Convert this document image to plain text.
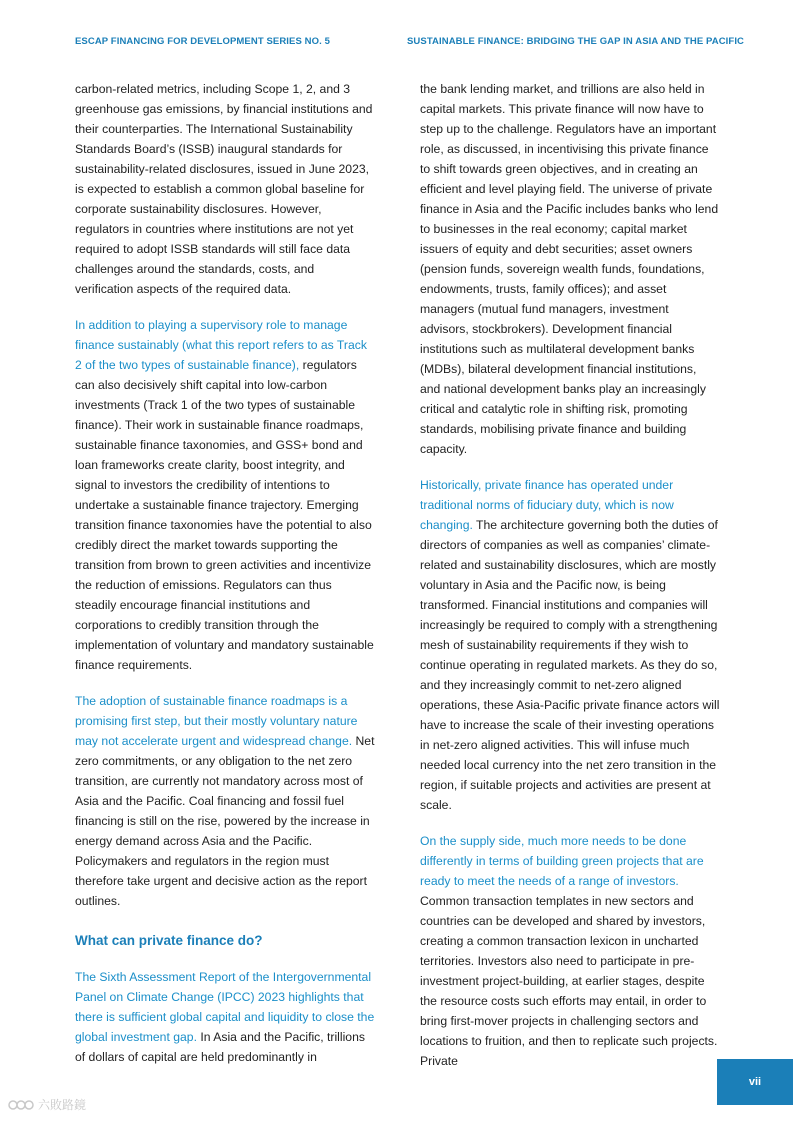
ESCAP FINANCING FOR DEVELOPMENT SERIES NO. 5	SUSTAINABLE FINANCE: BRIDGING THE GAP IN ASIA AND THE PACIFIC

carbon-related metrics, including Scope 1, 2, and 3 greenhouse gas emissions, by financial institutions and their counterparties. The International Sustainability Standards Board’s (ISSB) inaugural standards for sustainability-related disclosures, issued in June 2023, is expected to establish a common global baseline for corporate sustainability disclosures. However, regulators in countries where institutions are not yet required to adopt ISSB standards will still face data challenges around the standards, costs, and verification aspects of the required data.

In addition to playing a supervisory role to manage finance sustainably (what this report refers to as Track 2 of the two types of sustainable finance), regulators can also decisively shift capital into low-carbon investments (Track 1 of the two types of sustainable finance). Their work in sustainable finance roadmaps, sustainable finance taxonomies, and GSS+ bond and loan frameworks create clarity, boost integrity, and signal to investors the credibility of intentions to undertake a sustainable finance trajectory. Emerging transition finance taxonomies have the potential to also credibly direct the market towards supporting the transition from brown to green activities and incentivize the reduction of emissions. Regulators can thus steadily encourage financial institutions and corporations to credibly transition through the implementation of voluntary and mandatory sustainable finance requirements.

The adoption of sustainable finance roadmaps is a promising first step, but their mostly voluntary nature may not accelerate urgent and widespread change. Net zero commitments, or any obligation to the net zero transition, are currently not mandatory across most of Asia and the Pacific. Coal financing and fossil fuel financing is still on the rise, powered by the increase in energy demand across Asia and the Pacific. Policymakers and regulators in the region must therefore take urgent and decisive action as the report outlines.

What can private finance do?

The Sixth Assessment Report of the Intergovernmental Panel on Climate Change (IPCC) 2023 highlights that there is sufficient global capital and liquidity to close the global investment gap. In Asia and the Pacific, trillions of dollars of capital are held predominantly in

the bank lending market, and trillions are also held in capital markets. This private finance will now have to step up to the challenge. Regulators have an important role, as discussed, in incentivising this private finance to shift towards green objectives, and in creating an efficient and level playing field. The universe of private finance in Asia and the Pacific includes banks who lend to businesses in the real economy; capital market issuers of equity and debt securities; asset owners (pension funds, sovereign wealth funds, foundations, endowments, trusts, family offices); and asset managers (mutual fund managers, investment advisors, stockbrokers). Development financial institutions such as multilateral development banks (MDBs), bilateral development financial institutions, and national development banks play an increasingly critical and catalytic role in shifting risk, promoting standards, mobilising private finance and building capacity.

Historically, private finance has operated under traditional norms of fiduciary duty, which is now changing. The architecture governing both the duties of directors of companies as well as companies’ climate-related and sustainability disclosures, which are mostly voluntary in Asia and the Pacific now, is being transformed. Financial institutions and companies will increasingly be required to comply with a strengthening mesh of sustainability requirements if they wish to continue operating in regulated markets. As they do so, and they increasingly commit to net-zero aligned operations, these Asia-Pacific private finance actors will have to increase the scale of their investing operations in net-zero aligned activities. This will infuse much needed local currency into the net zero transition in the region, if suitable projects and activities are present at scale.

On the supply side, much more needs to be done differently in terms of building green projects that are ready to meet the needs of a range of investors. Common transaction templates in new sectors and countries can be developed and shared by investors, creating a common transaction lexicon in uncharted territories. Investors also need to participate in pre-investment project-building, at earlier stages, despite the resource costs such efforts may entail, in order to bring first-mover projects in challenging sectors and locations to fruition, and then to replicate such projects. Private

vii
六敗路鏡
